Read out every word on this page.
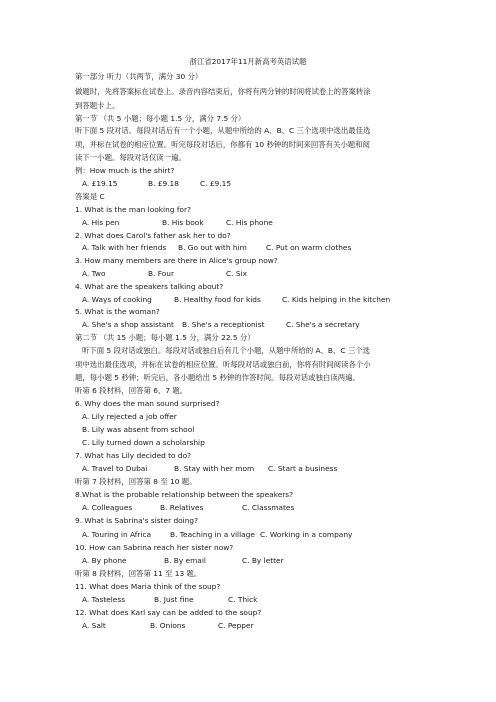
浙江省2017年11月新高考英语试题
第一部分 听力（共两节，满分 30 分）
做题时，先将答案标在试卷上。录音内容结束后，你将有两分钟的时间将试卷上的答案转涂
到答题卡上。
第一节 （共 5 小题；每小题 1.5 分，满分 7.5 分）
听下面 5 段对话。每段对话后有一个小题，从题中所给的 A、B、C 三个选项中选出最佳选
项，并标在试卷的相应位置。听完每段对话后，你都有 10 秒钟的时间来回答有关小题和阅
读下一小题。每段对话仅读一遍。
例：How much is the shirt?
A. £19.15	B. £9.18	C. £9.15
答案是 C
1. What is the man looking for?
A. His pen	B. His book	C. His phone
2. What does Carol's father ask her to do?
A. Talk with her friends B. Go out with him	C. Put on warm clothes
3. How many members are there in Alice's group now?
A. Two	B. Four	C. Six
4. What are the speakers talking about?
A. Ways of cooking	B. Healthy food for kids	C. Kids helping in the kitchen
5. What is the woman?
A. She's a shop assistant B. She's a receptionist	C. She's a secretary
第二节 （共 15 小题；每小题 1.5 分，满分 22.5 分）
听下面 5 段对话或独白。每段对话或独白后有几个小题，从题中所给的 A、B、C 三个选
项中选出最佳选项，并标在试卷的相应位置。听每段对话或独白前，你将有时间阅读各个小
题，每小题 5 秒钟；听完后，各小题给出 5 秒钟的作答时间。每段对话或独白读两遍。
听第 6 段材料，回答第 6、7 题。
6. Why does the man sound surprised?
A. Lily rejected a job offer
B. Lily was absent from school
C. Lily turned down a scholarship
7. What has Lily decided to do?
A. Travel to Dubai	B. Stay with her mom C. Start a business
听第 7 段材料，回答第 8 至 10 题。
8.What is the probable relationship between the speakers?
A. Colleagues	B. Relatives	C. Classmates
9. What is Sabrina's sister doing?
A. Touring in Africa	B. Teaching in a village C. Working in a company
10. How can Sabrina reach her sister now?
A. By phone	B. By email	C. By letter
听第 8 段材料，回答第 11 至 13 题。
11. What does Maria think of the soup?
A. Tasteless	B. Just fine	C. Thick
12. What does Karl say can be added to the soup?
A. Salt	B. Onions	C. Pepper
